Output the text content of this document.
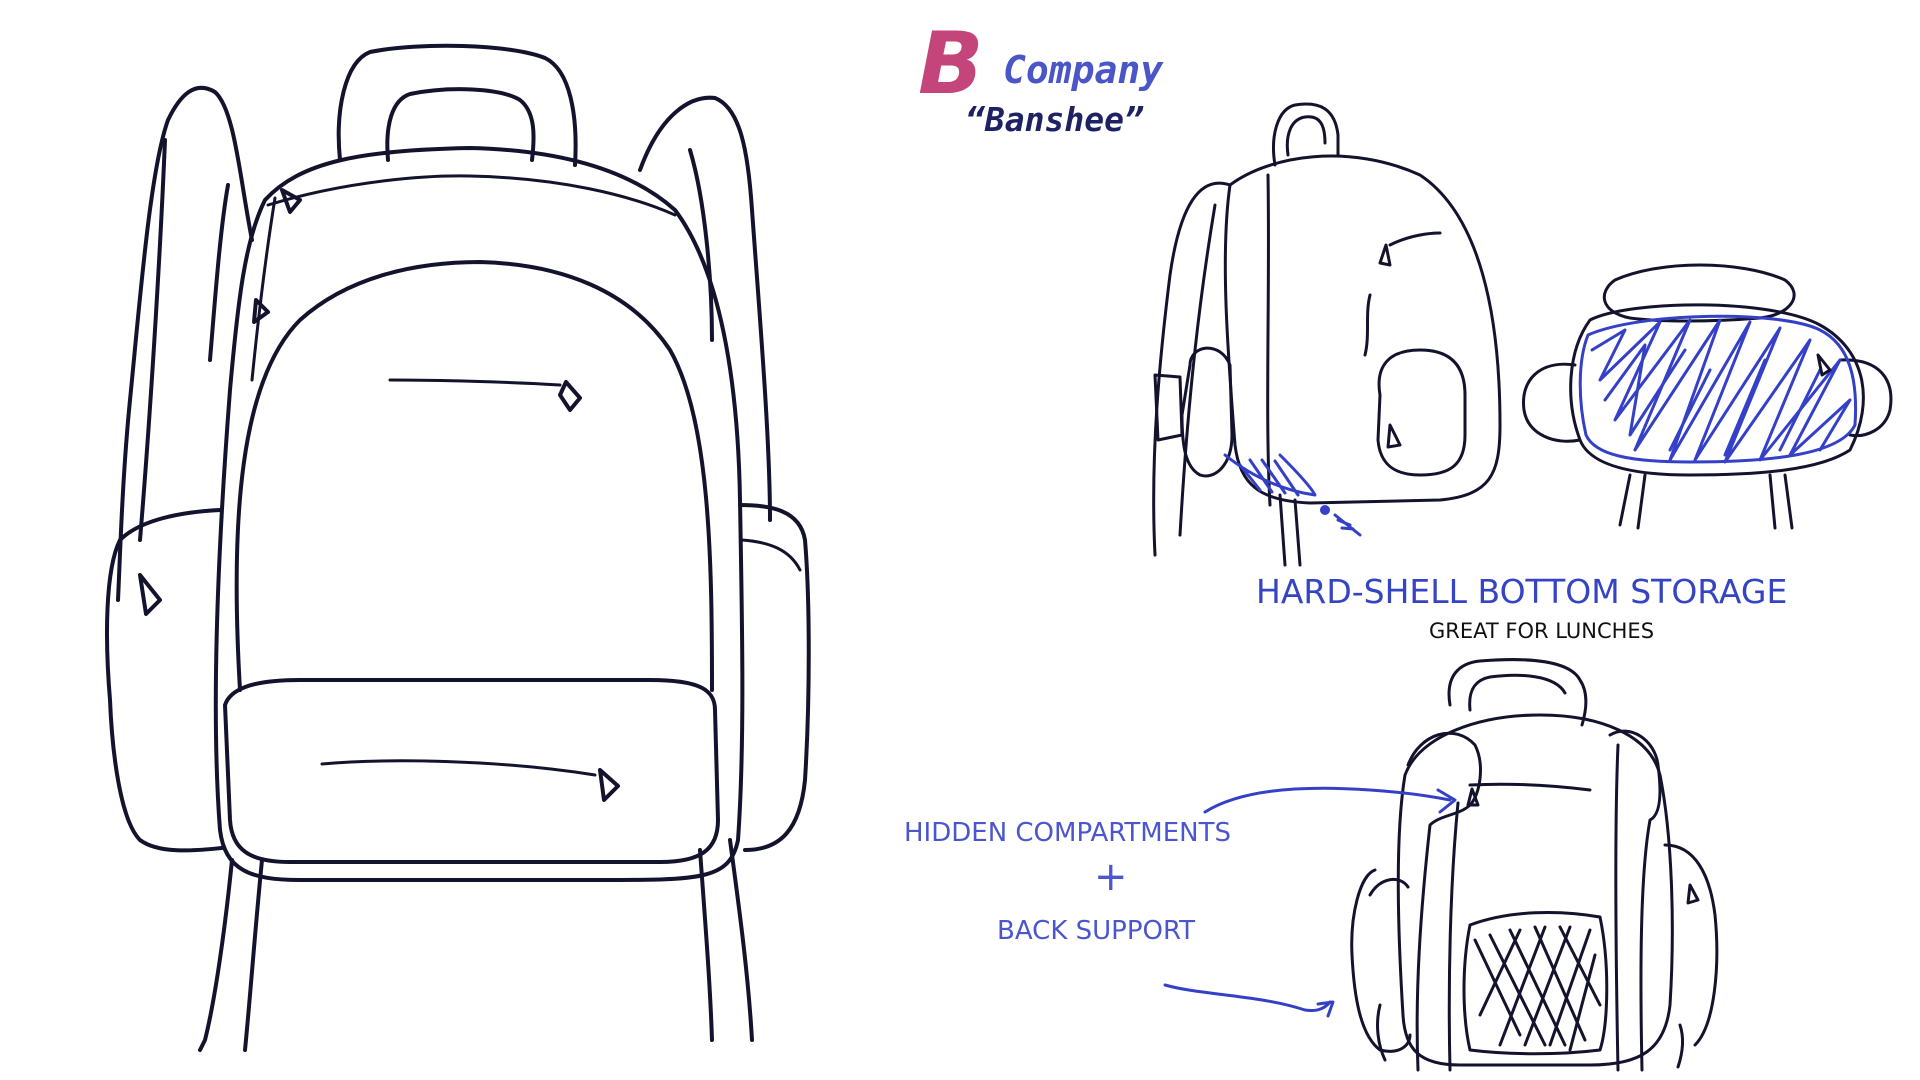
B Company
“Banshee”
HARD-SHELL BOTTOM STORAGE
GREAT FOR LUNCHES
HIDDEN COMPARTMENTS
+
BACK SUPPORT
